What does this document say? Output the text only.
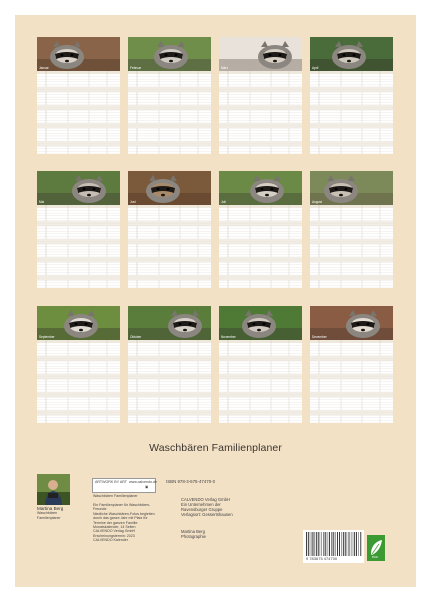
Januar	Februar	März	April
Mai	Juni	Juli	August
September	Oktober	November	Dezember
Waschbären Familienplaner
Martina Berg
Waschbären
Familienplaner
ARTWORK BY ART www.calvendo.de
▣
Waschbären Familienplaner
Ein Familienplaner für Waschbären-Freunde.
Niedliche Waschbären-Fotos begleiten
durch das ganze Jahr mit Platz für
Termine der ganzen Familie.
Monatskalender, 14 Seiten
CALVENDO Verlag GmbH
Erscheinungstermin: 2023
CALVENDO Kalender
ISBN 978-3-675-47470-0
CALVENDO Verlag GmbH
Ein Unternehmen der
Ravensburger Gruppe
Verlagsort: Gessertshausen
Martina Berg
Photographie
9 783675 474700	eco
